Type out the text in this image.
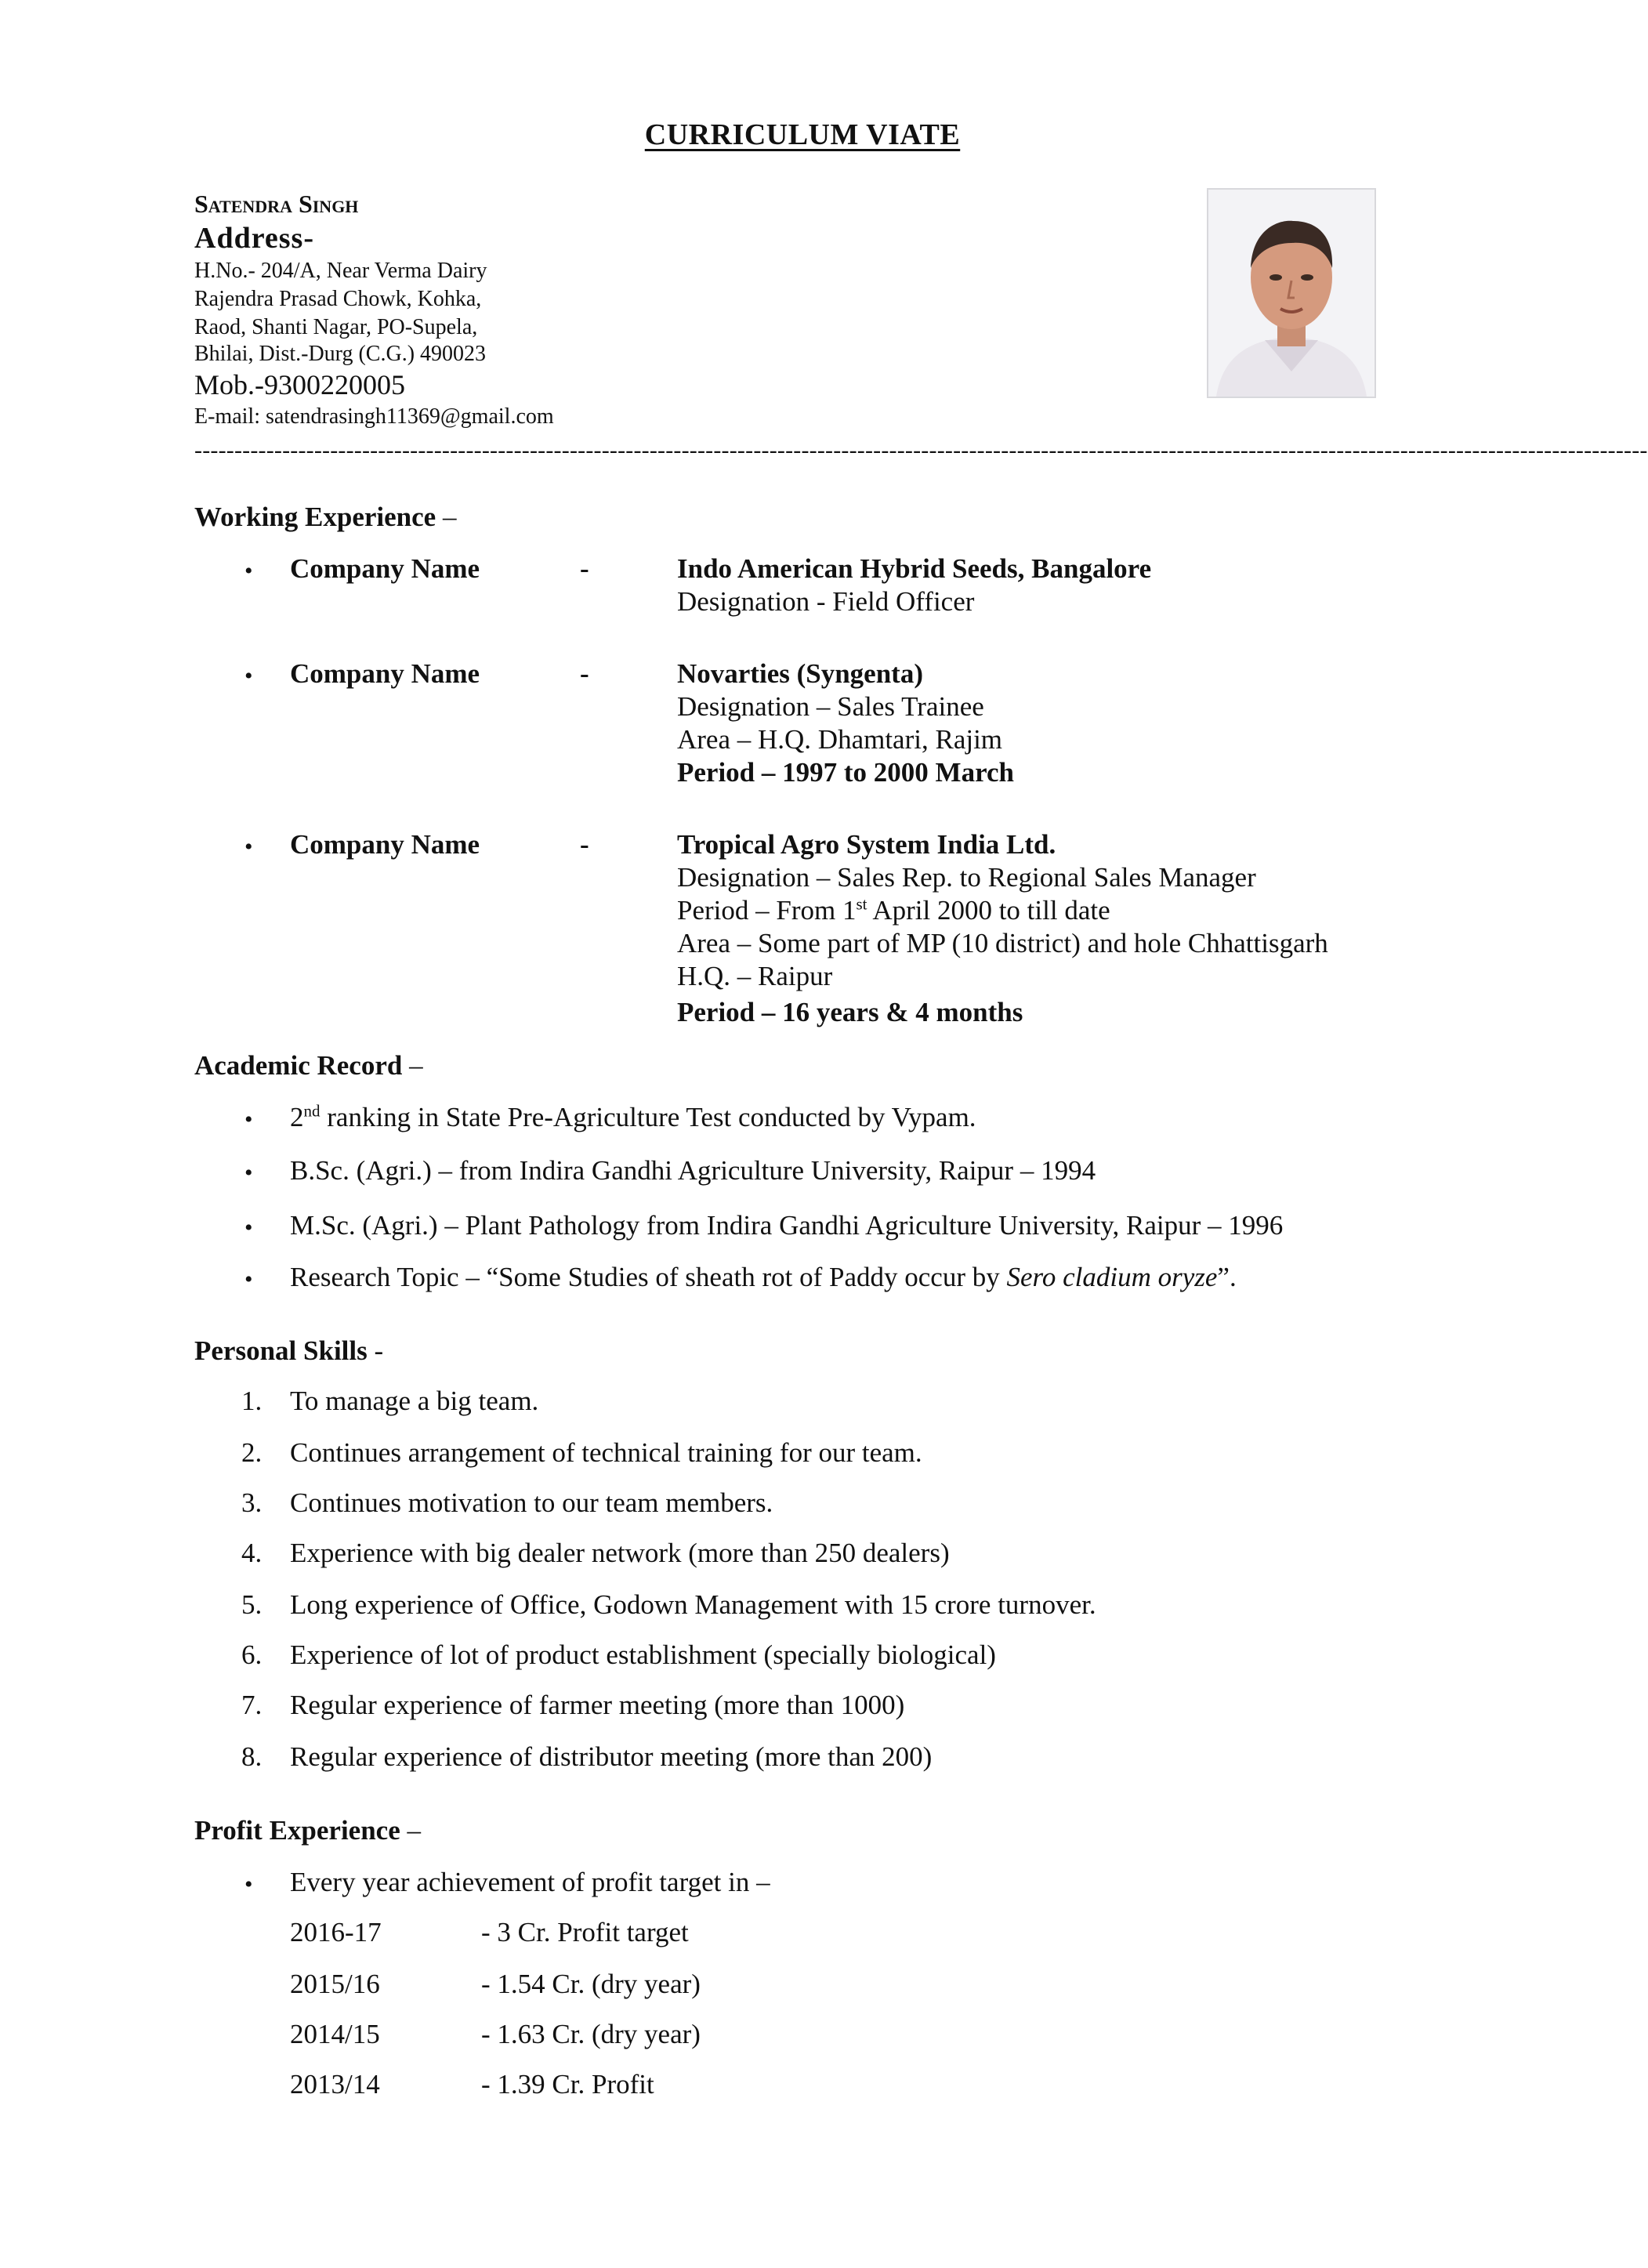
CURRICULUM VIATE
Satendra Singh
Address-
H.No.- 204/A, Near Verma Dairy
Rajendra Prasad Chowk, Kohka,
Raod, Shanti Nagar, PO-Supela,
Bhilai, Dist.-Durg (C.G.) 490023
Mob.-9300220005
E-mail: satendrasingh11369@gmail.com
--------------------------------------------------------------------------------------------------------------------------------------------------------------------------------------
Working Experience –
• Company Name	-	Indo American Hybrid Seeds, Bangalore
Designation - Field Officer
• Company Name	-	Novarties (Syngenta)
Designation – Sales Trainee
Area – H.Q. Dhamtari, Rajim
Period – 1997 to 2000 March
• Company Name	-	Tropical Agro System India Ltd.
Designation – Sales Rep. to Regional Sales Manager
Period – From 1st April 2000 to till date
Area – Some part of MP (10 district) and hole Chhattisgarh
H.Q. – Raipur
Period – 16 years & 4 months
Academic Record –
• 2nd ranking in State Pre-Agriculture Test conducted by Vypam.
• B.Sc. (Agri.) – from Indira Gandhi Agriculture University, Raipur – 1994
• M.Sc. (Agri.) – Plant Pathology from Indira Gandhi Agriculture University, Raipur – 1996
• Research Topic – “Some Studies of sheath rot of Paddy occur by Sero cladium oryze”.
Personal Skills -
1. To manage a big team.
2. Continues arrangement of technical training for our team.
3. Continues motivation to our team members.
4. Experience with big dealer network (more than 250 dealers)
5. Long experience of Office, Godown Management with 15 crore turnover.
6. Experience of lot of product establishment (specially biological)
7. Regular experience of farmer meeting (more than 1000)
8. Regular experience of distributor meeting (more than 200)
Profit Experience –
• Every year achievement of profit target in –
2016-17	- 3 Cr. Profit target
2015/16	- 1.54 Cr. (dry year)
2014/15	- 1.63 Cr. (dry year)
2013/14	- 1.39 Cr. Profit
